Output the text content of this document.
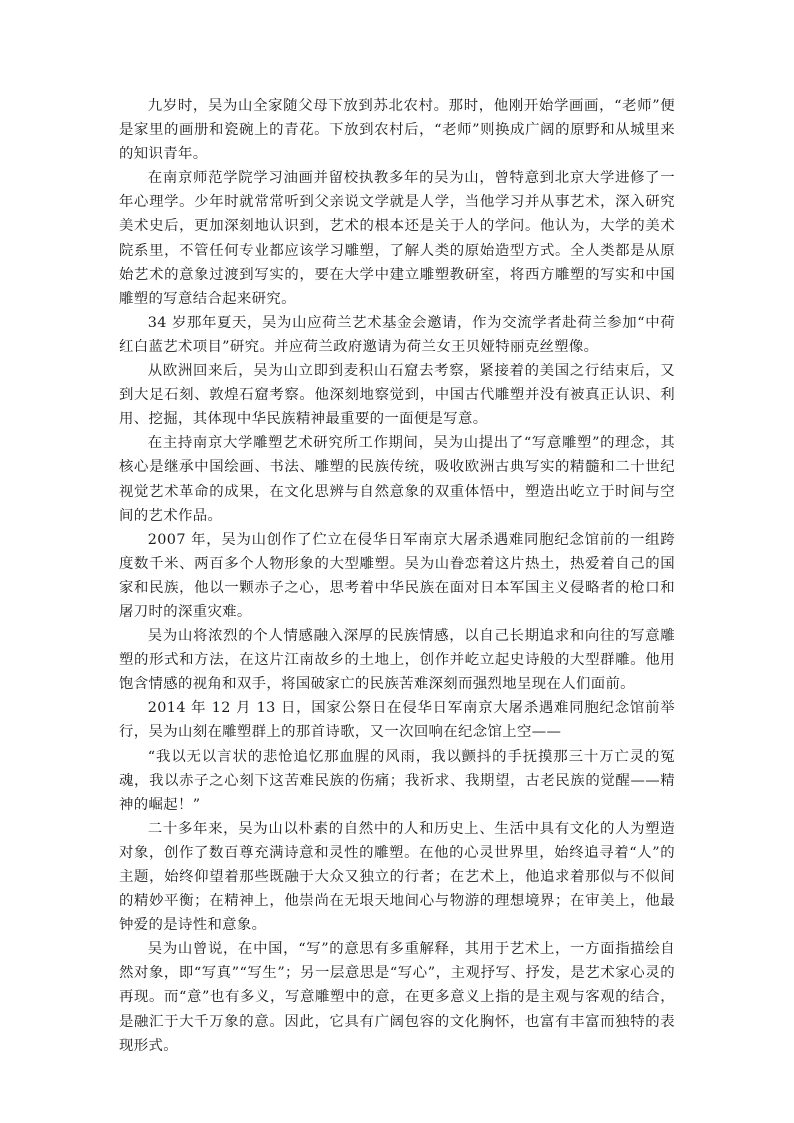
九岁时，吴为山全家随父母下放到苏北农村。那时，他刚开始学画画，“老师”便是家里的画册和瓷碗上的青花。下放到农村后，“老师”则换成广阔的原野和从城里来的知识青年。

在南京师范学院学习油画并留校执教多年的吴为山，曾特意到北京大学进修了一年心理学。少年时就常常听到父亲说文学就是人学，当他学习并从事艺术，深入研究美术史后，更加深刻地认识到，艺术的根本还是关于人的学问。他认为，大学的美术院系里，不管任何专业都应该学习雕塑，了解人类的原始造型方式。全人类都是从原始艺术的意象过渡到写实的，要在大学中建立雕塑教研室，将西方雕塑的写实和中国雕塑的写意结合起来研究。

34 岁那年夏天，吴为山应荷兰艺术基金会邀请，作为交流学者赴荷兰参加“中荷红白蓝艺术项目”研究。并应荷兰政府邀请为荷兰女王贝娅特丽克丝塑像。

从欧洲回来后，吴为山立即到麦积山石窟去考察，紧接着的美国之行结束后，又到大足石刻、敦煌石窟考察。他深刻地察觉到，中国古代雕塑并没有被真正认识、利用、挖掘，其体现中华民族精神最重要的一面便是写意。

在主持南京大学雕塑艺术研究所工作期间，吴为山提出了“写意雕塑”的理念，其核心是继承中国绘画、书法、雕塑的民族传统，吸收欧洲古典写实的精髓和二十世纪视觉艺术革命的成果，在文化思辨与自然意象的双重体悟中，塑造出屹立于时间与空间的艺术作品。

2007 年，吴为山创作了伫立在侵华日军南京大屠杀遇难同胞纪念馆前的一组跨度数千米、两百多个人物形象的大型雕塑。吴为山眷恋着这片热土，热爱着自己的国家和民族，他以一颗赤子之心，思考着中华民族在面对日本军国主义侵略者的枪口和屠刀时的深重灾难。

吴为山将浓烈的个人情感融入深厚的民族情感，以自己长期追求和向往的写意雕塑的形式和方法，在这片江南故乡的土地上，创作并屹立起史诗般的大型群雕。他用饱含情感的视角和双手，将国破家亡的民族苦难深刻而强烈地呈现在人们面前。

2014 年 12 月 13 日，国家公祭日在侵华日军南京大屠杀遇难同胞纪念馆前举行，吴为山刻在雕塑群上的那首诗歌，又一次回响在纪念馆上空——

“我以无以言状的悲怆追忆那血腥的风雨，我以颤抖的手抚摸那三十万亡灵的冤魂，我以赤子之心刻下这苦难民族的伤痛；我祈求、我期望，古老民族的觉醒——精神的崛起！”

二十多年来，吴为山以朴素的自然中的人和历史上、生活中具有文化的人为塑造对象，创作了数百尊充满诗意和灵性的雕塑。在他的心灵世界里，始终追寻着“人”的主题，始终仰望着那些既融于大众又独立的行者；在艺术上，他追求着那似与不似间的精妙平衡；在精神上，他崇尚在无垠天地间心与物游的理想境界；在审美上，他最钟爱的是诗性和意象。

吴为山曾说，在中国，“写”的意思有多重解释，其用于艺术上，一方面指描绘自然对象，即“写真”“写生”；另一层意思是“写心”，主观抒写、抒发，是艺术家心灵的再现。而“意”也有多义，写意雕塑中的意，在更多意义上指的是主观与客观的结合，是融汇于大千万象的意。因此，它具有广阔包容的文化胸怀，也富有丰富而独特的表现形式。
